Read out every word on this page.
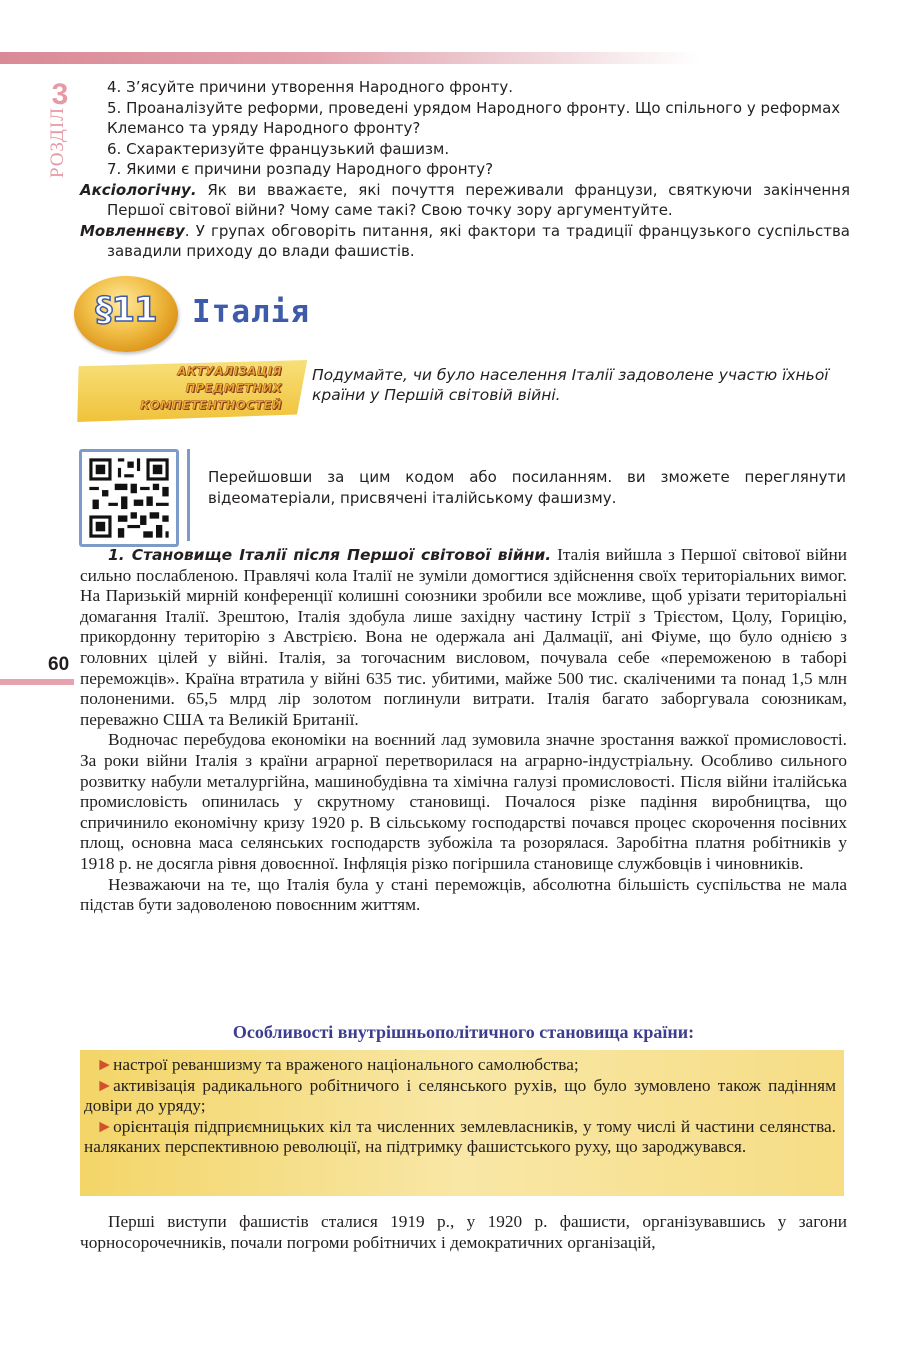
3
РОЗДІЛ
4. З’ясуйте причини утворення Народного фронту.
5. Проаналізуйте реформи, проведені урядом Народного фронту. Що спільного у реформах Клемансо та уряду Народного фронту?
6. Схарактеризуйте французький фашизм.
7. Якими є причини розпаду Народного фронту?
Аксіологічну. Як ви вважаєте, які почуття переживали французи, святкуючи закінчення Першої світової війни? Чому саме такі? Свою точку зору аргументуйте.
Мовленнєву. У групах обговоріть питання, які фактори та традиції французького суспільства завадили приходу до влади фашистів.
§11	Італія
АКТУАЛІЗАЦІЯ
ПРЕДМЕТНИХ
КОМПЕТЕНТНОСТЕЙ
Подумайте, чи було населення Італії задоволене участю їхньої країни у Першій світовій війні.
Перейшовши за цим кодом або посиланням. ви зможете переглянути відеоматеріали, присвячені італійському фашизму.
60

1. Становище Італії після Першої світової війни. Італія вийшла з Першої світової війни сильно послабленою. Правлячі кола Італії не зуміли домогтися здійснення своїх територіальних вимог. На Паризькій мирній конференції колишні союзники зробили все можливе, щоб урізати територіальні домагання Італії. Зрештою, Італія здобула лише західну частину Істрії з Трієстом, Цолу, Горицію, прикордонну територію з Австрією. Вона не одержала ані Далмації, ані Фіуме, що було однією з головних цілей у війні. Італія, за тогочасним висловом, почувала себе «переможеною в таборі переможців». Країна втратила у війні 635 тис. убитими, майже 500 тис. скаліченими та понад 1,5 млн полоненими. 65,5 млрд лір золотом поглинули витрати. Італія багато заборгувала союзникам, переважно США та Великій Британії.

Водночас перебудова економіки на воєнний лад зумовила значне зростання важкої промисловості. За роки війни Італія з країни аграрної перетворилася на аграрно-індустріальну. Особливо сильного розвитку набули металургійна, машинобудівна та хімічна галузі промисловості. Після війни італійська промисловість опинилась у скрутному становищі. Почалося різке падіння виробництва, що спричинило економічну кризу 1920 р. В сільському господарстві почався процес скорочення посівних площ, основна маса селянських господарств зубожіла та розорялася. Заробітна платня робітників у 1918 р. не досягла рівня довоєнної. Інфляція різко погіршила становище службовців і чиновників.

Незважаючи на те, що Італія була у стані переможців, абсолютна більшість суспільства не мала підстав бути задоволеною повоєнним життям.

Особливості внутрішньополітичного становища країни:
►настрої реваншизму та враженого національного самолюбства;
►активізація радикального робітничого і селянського рухів, що було зумовлено також падінням довіри до уряду;
►орієнтація підприємницьких кіл та численних землевласників, у тому числі й частини селянства. наляканих перспективною революції, на підтримку фашистського руху, що зароджувався.

Перші виступи фашистів сталися 1919 р., у 1920 р. фашисти, організувавшись у загони чорносорочечників, почали погроми робітничих і демократичних організацій,
